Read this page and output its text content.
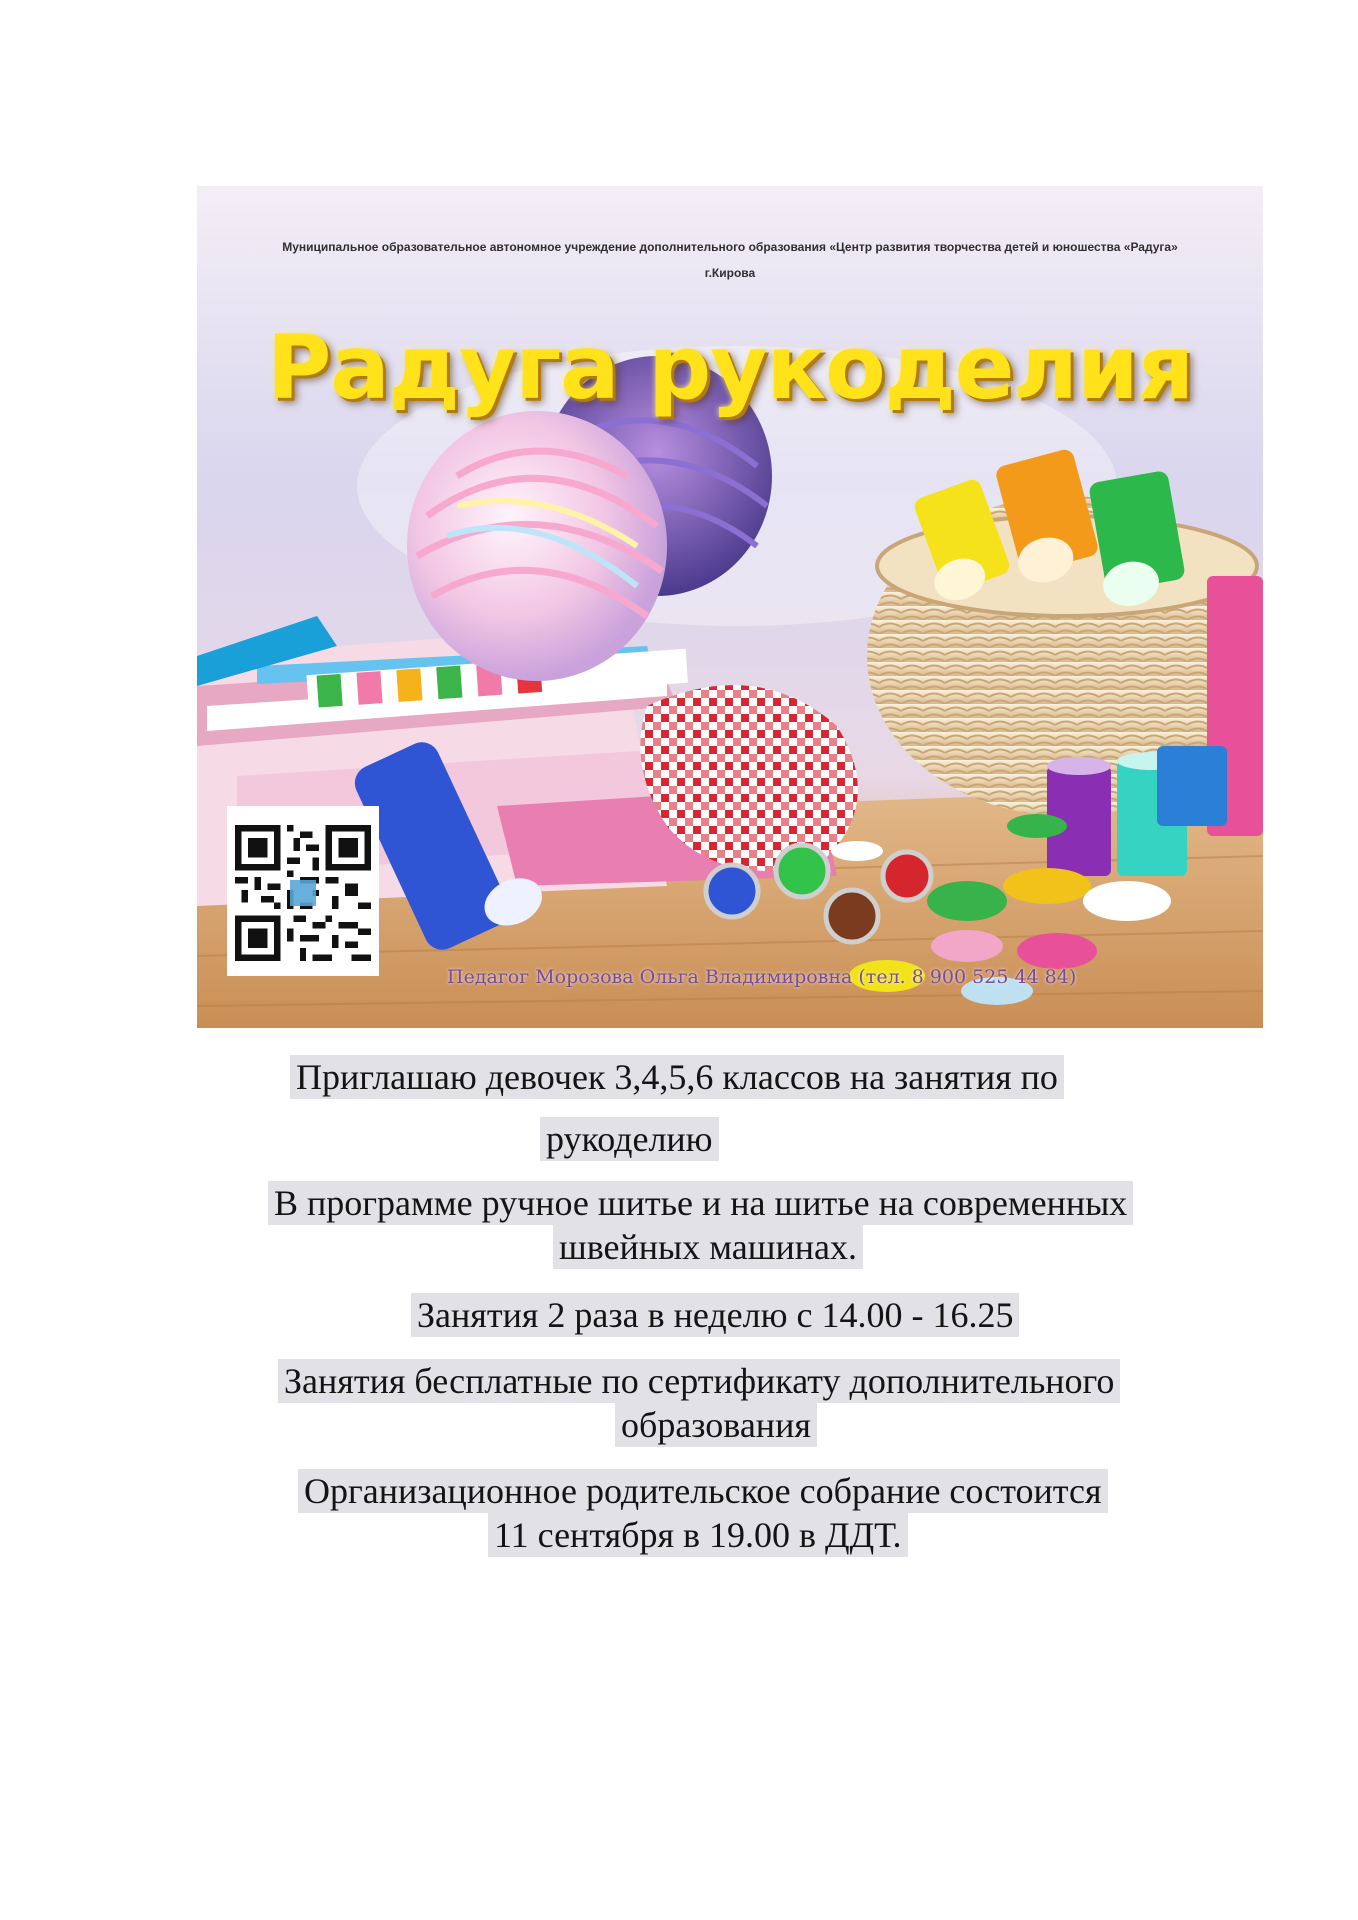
Муниципальное образовательное автономное учреждение дополнительного образования «Центр развития творчества детей и юношества «Радуга»
г.Кирова
Радуга рукоделия
Педагог Морозова Ольга Владимировна (тел. 8 900 525 44 84)
Приглашаю девочек 3,4,5,6 классов на занятия по
рукоделию
В программе ручное шитье и на шитье на современных
швейных машинах.
Занятия 2 раза в неделю с 14.00 - 16.25
Занятия бесплатные по сертификату дополнительного
образования
Организационное родительское собрание состоится
11 сентября в 19.00 в ДДТ.
